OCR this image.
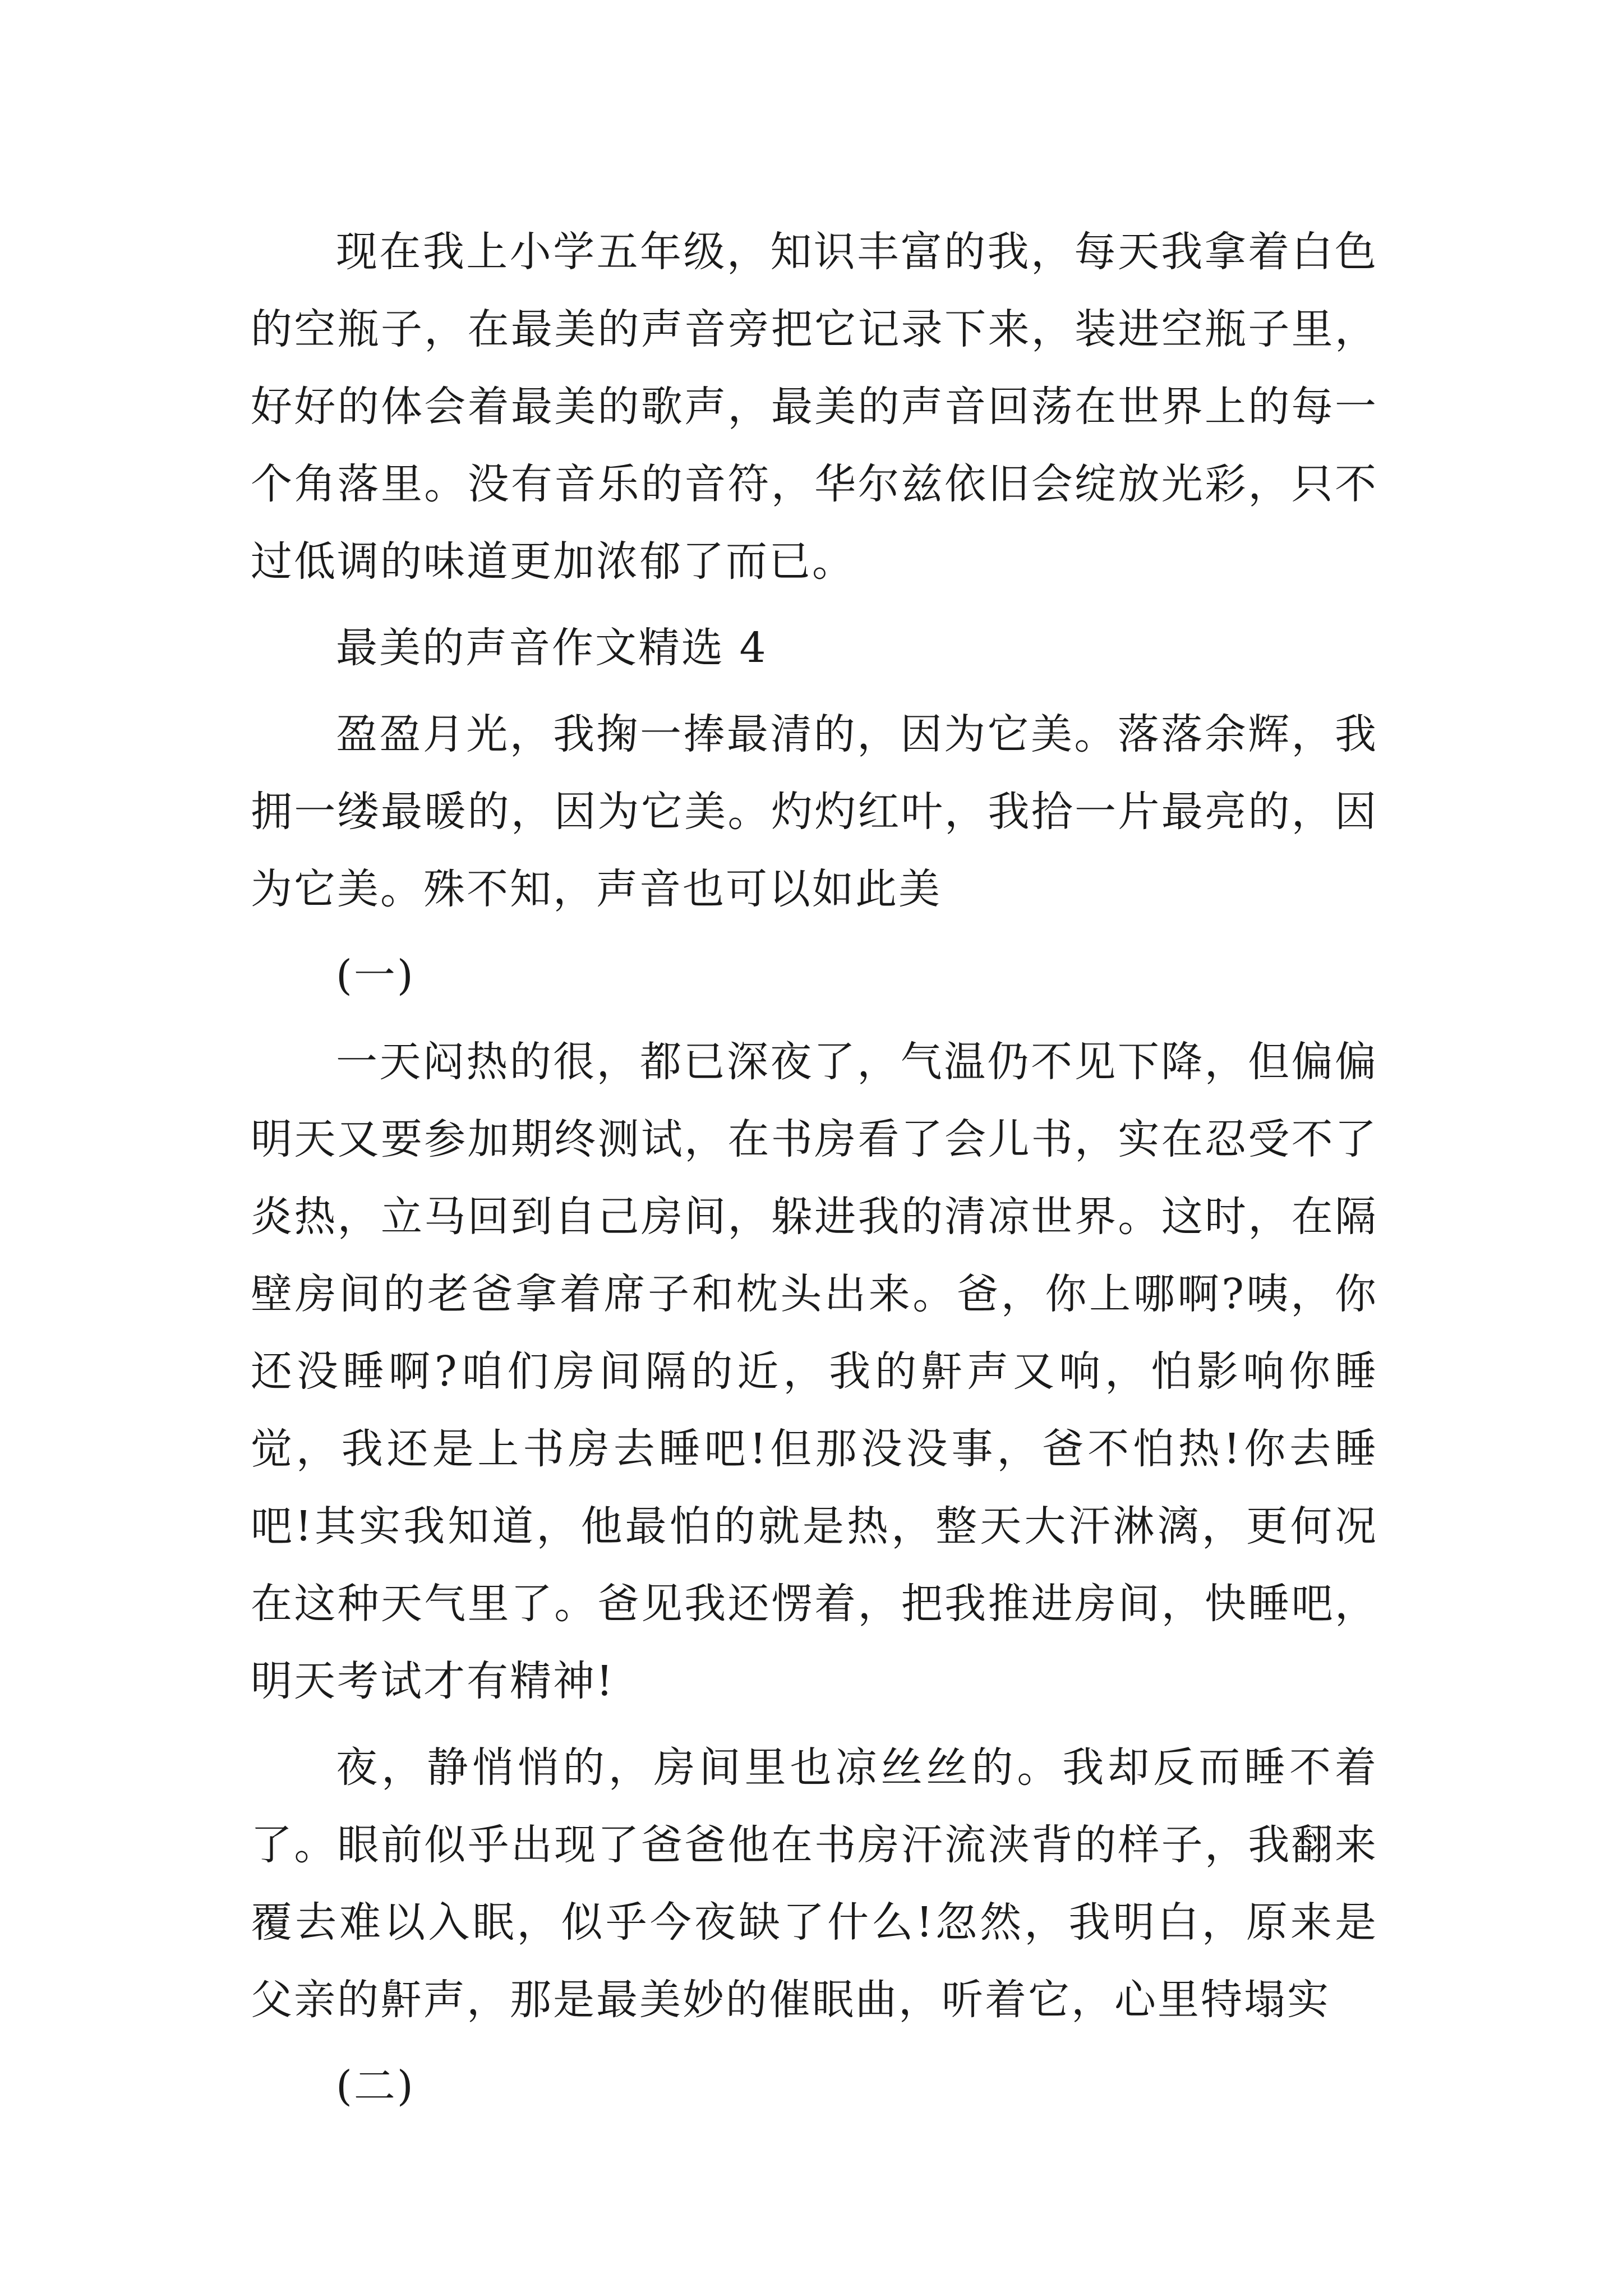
现在我上小学五年级，知识丰富的我，每天我拿着白色的空瓶子，在最美的声音旁把它记录下来，装进空瓶子里，好好的体会着最美的歌声，最美的声音回荡在世界上的每一个角落里。没有音乐的音符，华尔兹依旧会绽放光彩，只不过低调的味道更加浓郁了而已。

最美的声音作文精选 4

盈盈月光，我掬一捧最清的，因为它美。落落余辉，我拥一缕最暖的，因为它美。灼灼红叶，我拾一片最亮的，因为它美。殊不知，声音也可以如此美

(一)

一天闷热的很，都已深夜了，气温仍不见下降，但偏偏明天又要参加期终测试，在书房看了会儿书，实在忍受不了炎热，立马回到自己房间，躲进我的清凉世界。这时，在隔壁房间的老爸拿着席子和枕头出来。爸，你上哪啊?咦，你还没睡啊?咱们房间隔的近，我的鼾声又响，怕影响你睡觉，我还是上书房去睡吧!但那没没事，爸不怕热!你去睡吧!其实我知道，他最怕的就是热，整天大汗淋漓，更何况在这种天气里了。爸见我还愣着，把我推进房间，快睡吧，明天考试才有精神!

夜，静悄悄的，房间里也凉丝丝的。我却反而睡不着了。眼前似乎出现了爸爸他在书房汗流浃背的样子，我翻来覆去难以入眠，似乎今夜缺了什么!忽然，我明白，原来是父亲的鼾声，那是最美妙的催眠曲，听着它，心里特塌实

(二)
